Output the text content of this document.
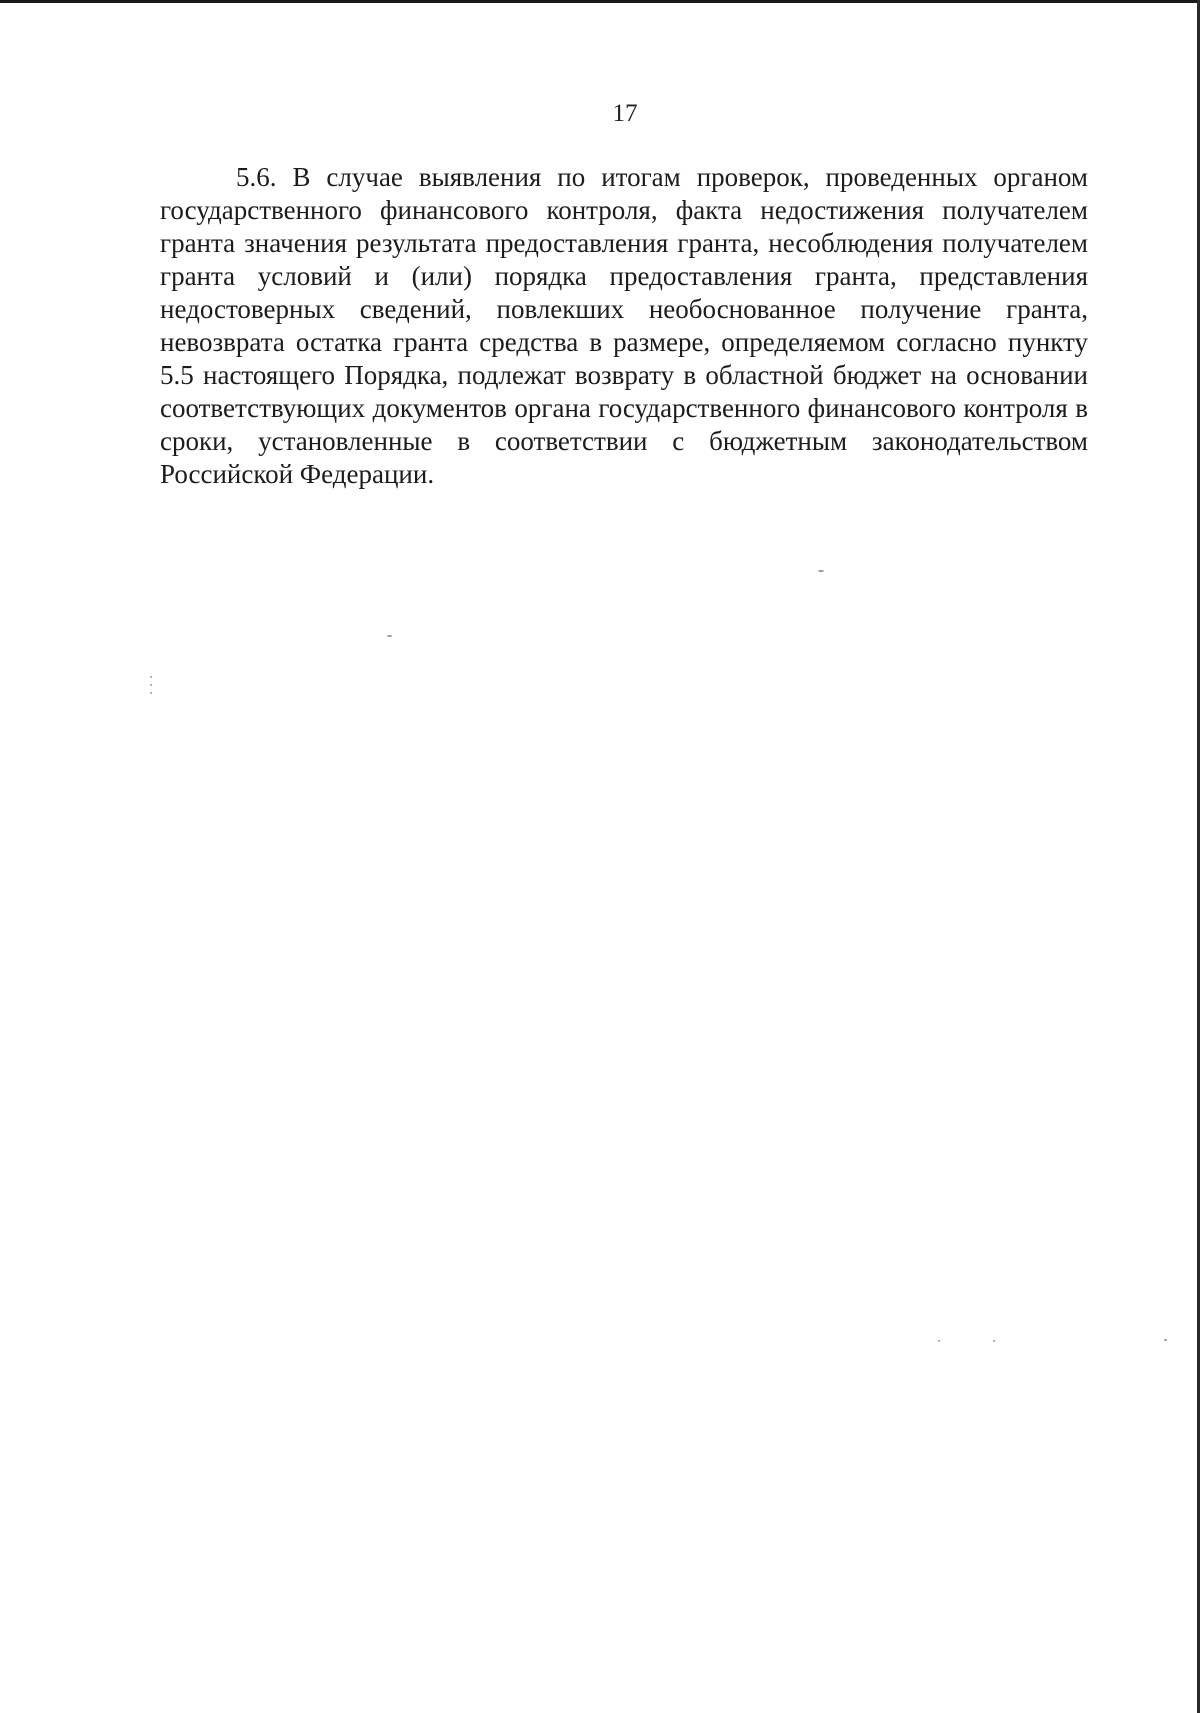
17

5.6. В случае выявления по итогам проверок, проведенных органом государственного финансового контроля, факта недостижения получателем гранта значения результата предоставления гранта, несоблюдения получателем гранта условий и (или) порядка предоставления гранта, представления недостоверных сведений, повлекших необоснованное получение гранта, невозврата остатка гранта средства в размере, определяемом согласно пункту 5.5 настоящего Порядка, подлежат возврату в областной бюджет на основании соответствующих документов органа государственного финансового контроля в сроки, установленные в соответствии с бюджетным законодательством Российской Федерации.
